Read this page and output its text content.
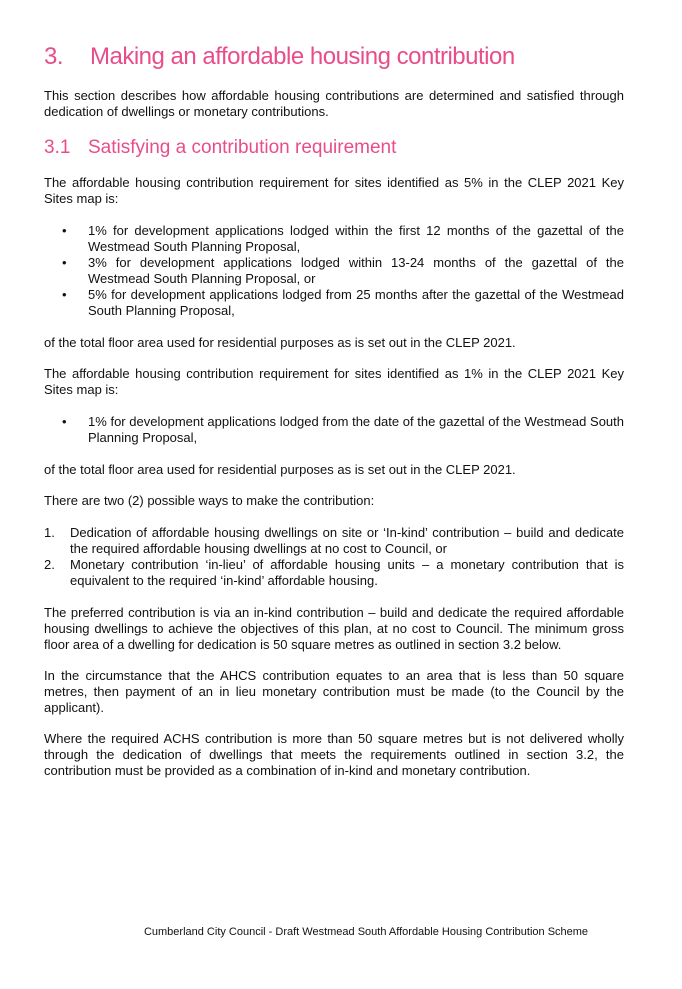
3. Making an affordable housing contribution

This section describes how affordable housing contributions are determined and satisfied through dedication of dwellings or monetary contributions.

3.1 Satisfying a contribution requirement

The affordable housing contribution requirement for sites identified as 5% in the CLEP 2021 Key Sites map is:

• 1% for development applications lodged within the first 12 months of the gazettal of the Westmead South Planning Proposal,
• 3% for development applications lodged within 13-24 months of the gazettal of the Westmead South Planning Proposal, or
• 5% for development applications lodged from 25 months after the gazettal of the Westmead South Planning Proposal,

of the total floor area used for residential purposes as is set out in the CLEP 2021.

The affordable housing contribution requirement for sites identified as 1% in the CLEP 2021 Key Sites map is:

• 1% for development applications lodged from the date of the gazettal of the Westmead South Planning Proposal,

of the total floor area used for residential purposes as is set out in the CLEP 2021.

There are two (2) possible ways to make the contribution:

1. Dedication of affordable housing dwellings on site or ‘In-kind’ contribution – build and dedicate the required affordable housing dwellings at no cost to Council, or
2. Monetary contribution ‘in-lieu’ of affordable housing units – a monetary contribution that is equivalent to the required ‘in-kind’ affordable housing.

The preferred contribution is via an in-kind contribution – build and dedicate the required affordable housing dwellings to achieve the objectives of this plan, at no cost to Council. The minimum gross floor area of a dwelling for dedication is 50 square metres as outlined in section 3.2 below.

In the circumstance that the AHCS contribution equates to an area that is less than 50 square metres, then payment of an in lieu monetary contribution must be made (to the Council by the applicant).

Where the required ACHS contribution is more than 50 square metres but is not delivered wholly through the dedication of dwellings that meets the requirements outlined in section 3.2, the contribution must be provided as a combination of in-kind and monetary contribution.

Cumberland City Council - Draft Westmead South Affordable Housing Contribution Scheme
